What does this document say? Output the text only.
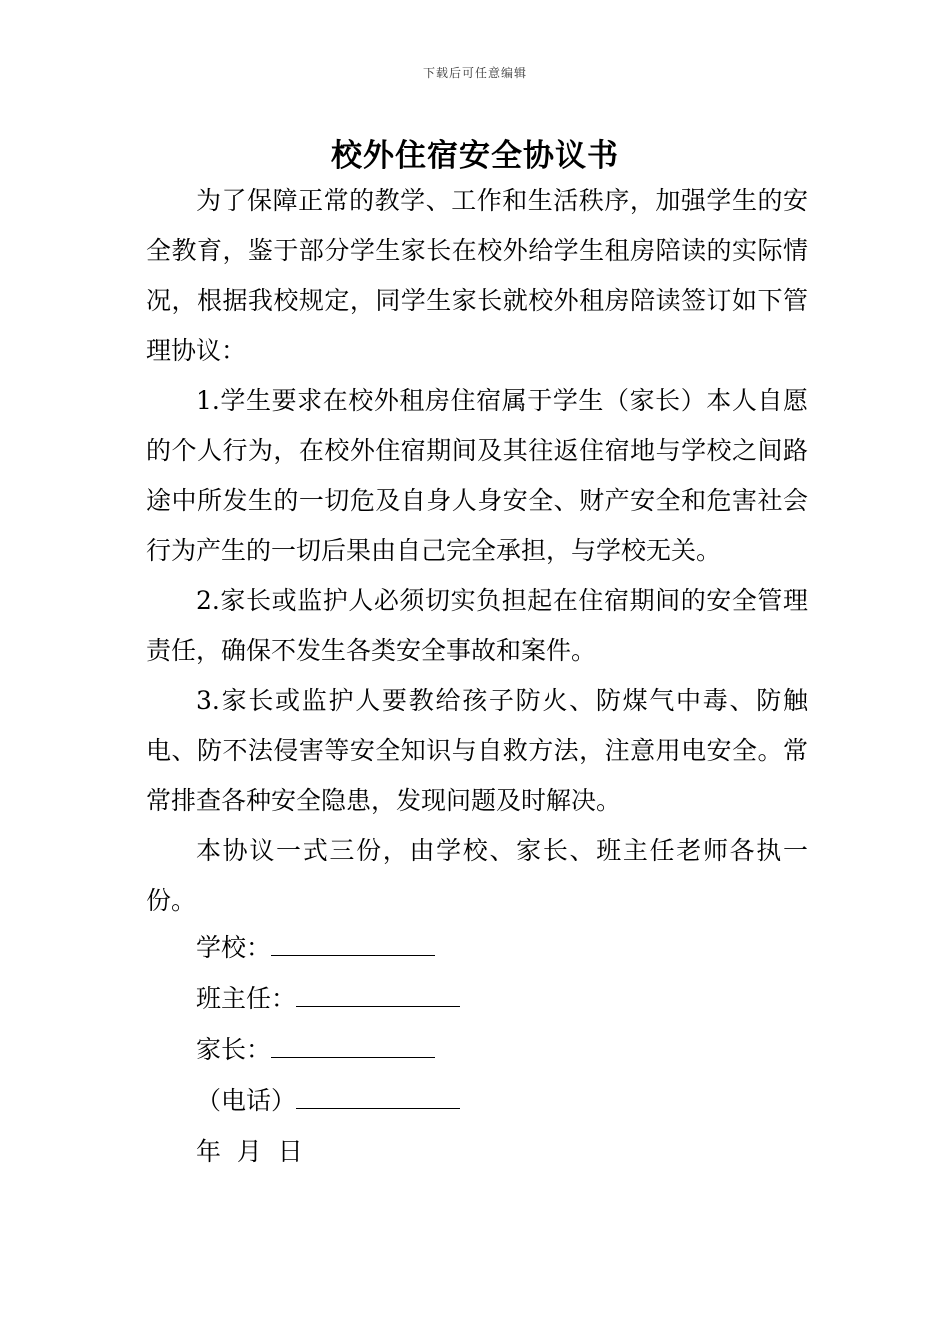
下载后可任意编辑
校外住宿安全协议书

为了保障正常的教学、工作和生活秩序，加强学生的安全教育，鉴于部分学生家长在校外给学生租房陪读的实际情况，根据我校规定，同学生家长就校外租房陪读签订如下管理协议：

1.学生要求在校外租房住宿属于学生（家长）本人自愿的个人行为，在校外住宿期间及其往返住宿地与学校之间路途中所发生的一切危及自身人身安全、财产安全和危害社会行为产生的一切后果由自己完全承担，与学校无关。

2.家长或监护人必须切实负担起在住宿期间的安全管理责任，确保不发生各类安全事故和案件。

3.家长或监护人要教给孩子防火、防煤气中毒、防触电、防不法侵害等安全知识与自救方法，注意用电安全。常常排查各种安全隐患，发现问题及时解决。

本协议一式三份，由学校、家长、班主任老师各执一份。

学校：
班主任：
家长：
（电话）
年  月  日
